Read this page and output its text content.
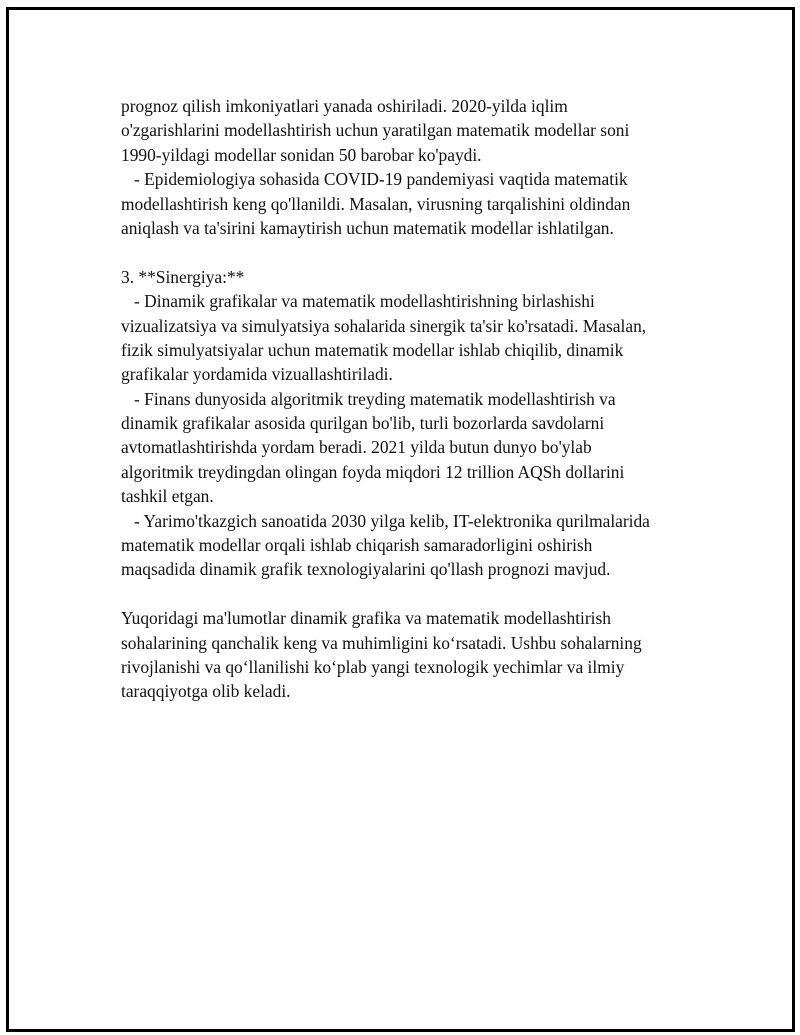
prognoz qilish imkoniyatlari yanada oshiriladi. 2020-yilda iqlim
o'zgarishlarini modellashtirish uchun yaratilgan matematik modellar soni
1990-yildagi modellar sonidan 50 barobar ko'paydi.
- Epidemiologiya sohasida COVID-19 pandemiyasi vaqtida matematik
modellashtirish keng qo'llanildi. Masalan, virusning tarqalishini oldindan
aniqlash va ta'sirini kamaytirish uchun matematik modellar ishlatilgan.
3. **Sinergiya:**
- Dinamik grafikalar va matematik modellashtirishning birlashishi
vizualizatsiya va simulyatsiya sohalarida sinergik ta'sir ko'rsatadi. Masalan,
fizik simulyatsiyalar uchun matematik modellar ishlab chiqilib, dinamik
grafikalar yordamida vizuallashtiriladi.
- Finans dunyosida algoritmik treyding matematik modellashtirish va
dinamik grafikalar asosida qurilgan bo'lib, turli bozorlarda savdolarni
avtomatlashtirishda yordam beradi. 2021 yilda butun dunyo bo'ylab
algoritmik treydingdan olingan foyda miqdori 12 trillion AQSh dollarini
tashkil etgan.
- Yarimo'tkazgich sanoatida 2030 yilga kelib, IT-elektronika qurilmalarida
matematik modellar orqali ishlab chiqarish samaradorligini oshirish
maqsadida dinamik grafik texnologiyalarini qo'llash prognozi mavjud.
Yuqoridagi ma'lumotlar dinamik grafika va matematik modellashtirish
sohalarining qanchalik keng va muhimligini ko‘rsatadi. Ushbu sohalarning
rivojlanishi va qo‘llanilishi ko‘plab yangi texnologik yechimlar va ilmiy
taraqqiyotga olib keladi.
